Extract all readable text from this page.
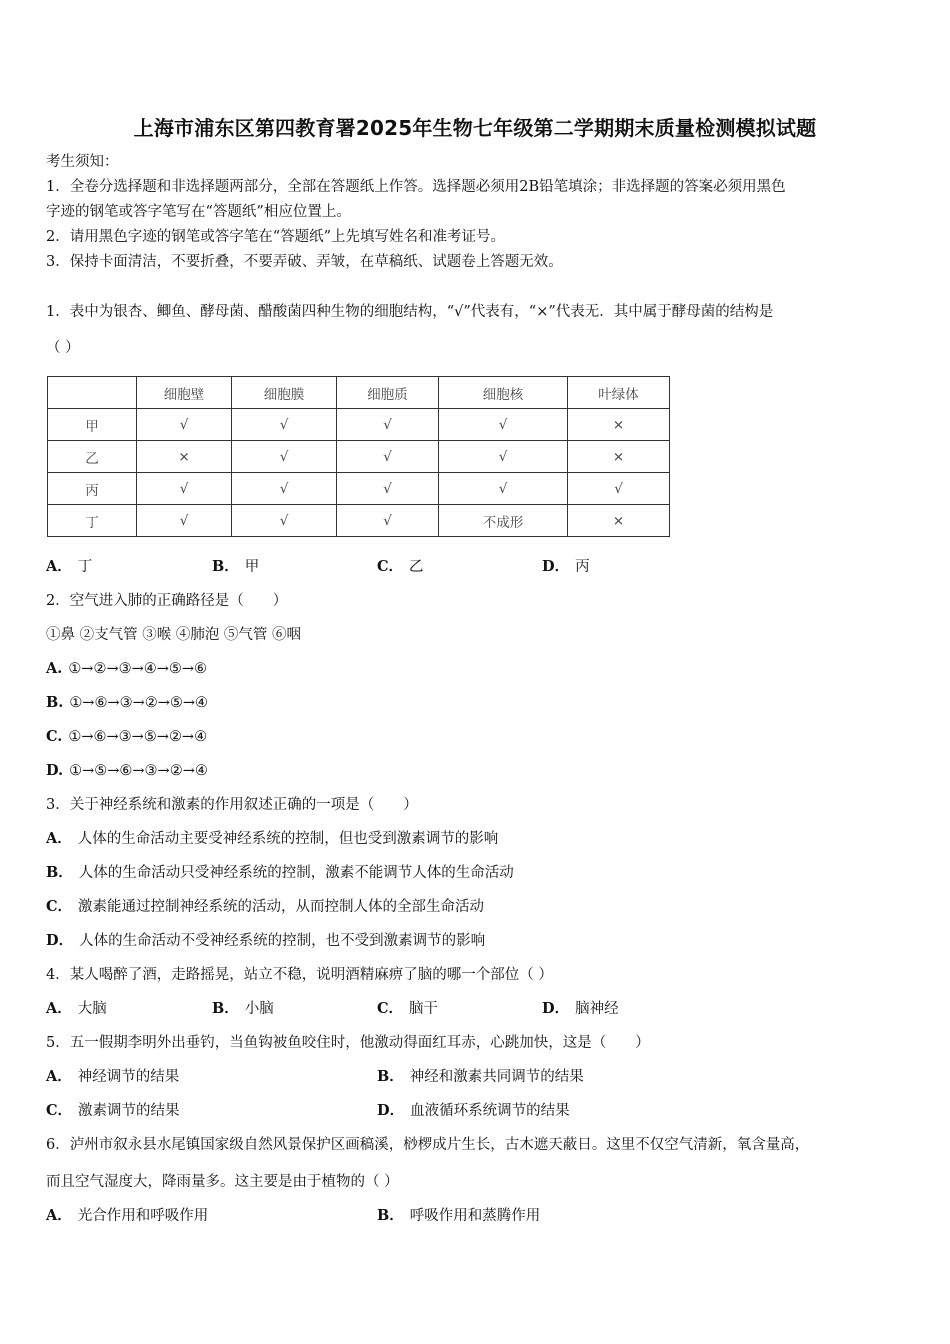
上海市浦东区第四教育署2025年生物七年级第二学期期末质量检测模拟试题
考生须知：
1．全卷分选择题和非选择题两部分，全部在答题纸上作答。选择题必须用2B铅笔填涂；非选择题的答案必须用黑色
字迹的钢笔或答字笔写在“答题纸”相应位置上。
2．请用黑色字迹的钢笔或答字笔在“答题纸”上先填写姓名和准考证号。
3．保持卡面清洁，不要折叠，不要弄破、弄皱，在草稿纸、试题卷上答题无效。
1．表中为银杏、鲫鱼、酵母菌、醋酸菌四种生物的细胞结构，“√”代表有，“×”代表无．其中属于酵母菌的结构是
（ ）
	细胞壁	细胞膜	细胞质	细胞核	叶绿体
甲	√	√	√	√	×
乙	×	√	√	√	×
丙	√	√	√	√	√
丁	√	√	√	不成形	×
A． 丁	B． 甲	C． 乙	D． 丙
2．空气进入肺的正确路径是（　　）
①鼻 ②支气管 ③喉 ④肺泡 ⑤气管 ⑥咽
A. ①→②→③→④→⑤→⑥
B. ①→⑥→③→②→⑤→④
C. ①→⑥→③→⑤→②→④
D. ①→⑤→⑥→③→②→④
3．关于神经系统和激素的作用叙述正确的一项是（　　）
A． 人体的生命活动主要受神经系统的控制，但也受到激素调节的影响
B． 人体的生命活动只受神经系统的控制，激素不能调节人体的生命活动
C． 激素能通过控制神经系统的活动，从而控制人体的全部生命活动
D． 人体的生命活动不受神经系统的控制，也不受到激素调节的影响
4．某人喝醉了酒，走路摇晃，站立不稳，说明酒精麻痹了脑的哪一个部位（ ）
A． 大脑	B． 小脑	C． 脑干	D． 脑神经
5．五一假期李明外出垂钓，当鱼钩被鱼咬住时，他激动得面红耳赤，心跳加快，这是（　　）
A． 神经调节的结果	B． 神经和激素共同调节的结果
C． 激素调节的结果	D． 血液循环系统调节的结果
6．泸州市叙永县水尾镇国家级自然风景保护区画稿溪，桫椤成片生长，古木遮天蔽日。这里不仅空气清新，氧含量高，
而且空气湿度大，降雨量多。这主要是由于植物的（ ）
A． 光合作用和呼吸作用	B． 呼吸作用和蒸腾作用
